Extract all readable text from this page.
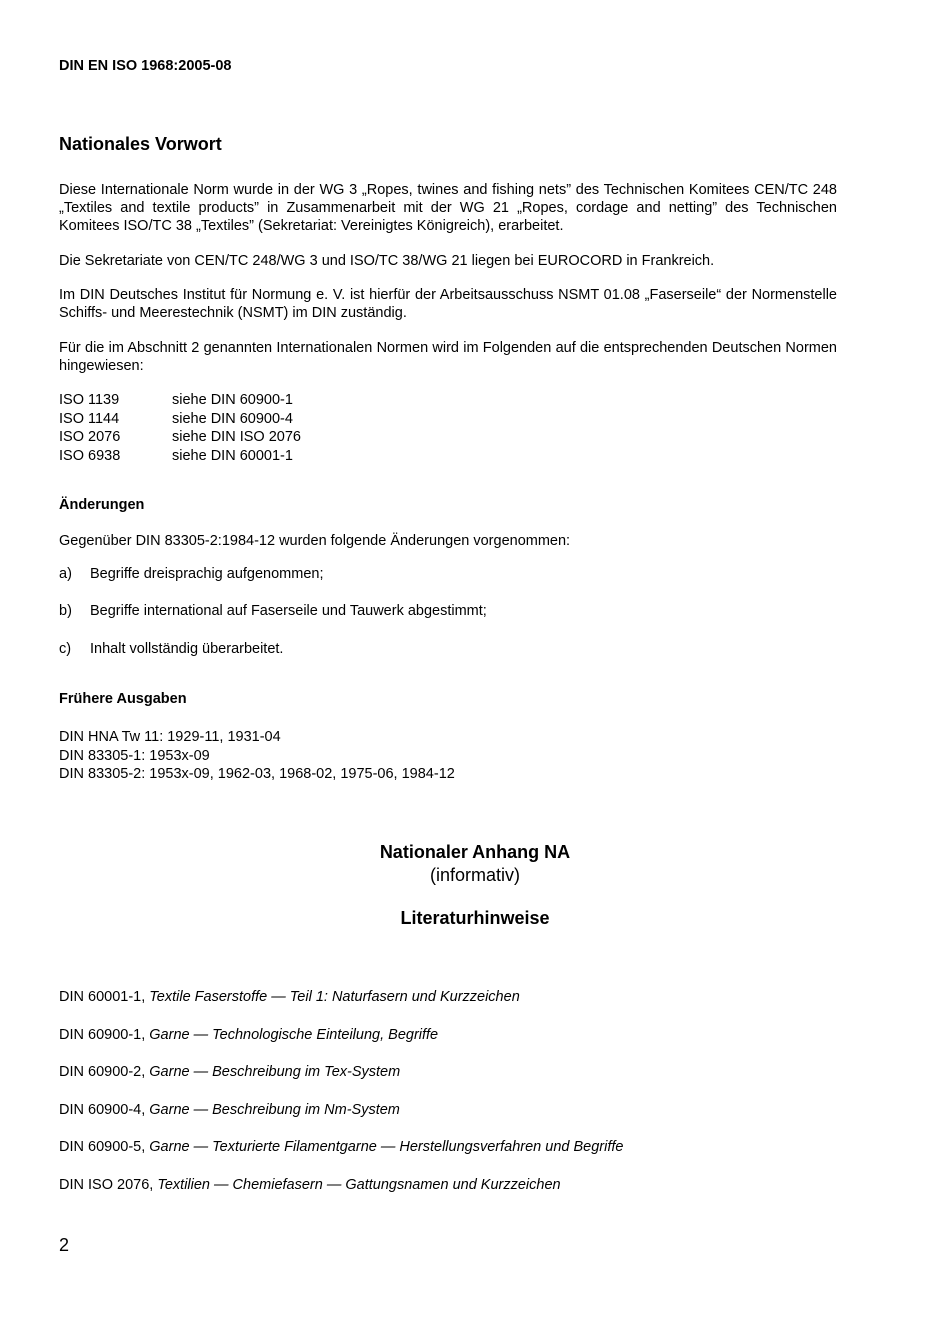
DIN EN ISO 1968:2005-08
Nationales Vorwort
Diese Internationale Norm wurde in der WG 3 „Ropes, twines and fishing nets” des Technischen Komitees CEN/TC 248 „Textiles and textile products” in Zusammenarbeit mit der WG 21 „Ropes, cordage and netting” des Technischen Komitees ISO/TC 38 „Textiles” (Sekretariat: Vereinigtes Königreich), erarbeitet.
Die Sekretariate von CEN/TC 248/WG 3 und ISO/TC 38/WG 21 liegen bei EUROCORD in Frankreich.
Im DIN Deutsches Institut für Normung e. V. ist hierfür der Arbeitsausschuss NSMT 01.08 „Faserseile“ der Normenstelle Schiffs- und Meerestechnik (NSMT) im DIN zuständig.
Für die im Abschnitt 2 genannten Internationalen Normen wird im Folgenden auf die entsprechenden Deutschen Normen hingewiesen:
ISO 1139	siehe DIN 60900-1
ISO 1144	siehe DIN 60900-4
ISO 2076	siehe DIN ISO 2076
ISO 6938	siehe DIN 60001-1
Änderungen
Gegenüber DIN 83305-2:1984-12 wurden folgende Änderungen vorgenommen:
a)	Begriffe dreisprachig aufgenommen;
b)	Begriffe international auf Faserseile und Tauwerk abgestimmt;
c)	Inhalt vollständig überarbeitet.
Frühere Ausgaben
DIN HNA Tw 11: 1929-11, 1931-04
DIN 83305-1: 1953x-09
DIN 83305-2: 1953x-09, 1962-03, 1968-02, 1975-06, 1984-12
Nationaler Anhang NA
(informativ)
Literaturhinweise
DIN 60001-1, Textile Faserstoffe — Teil 1: Naturfasern und Kurzzeichen
DIN 60900-1, Garne — Technologische Einteilung, Begriffe
DIN 60900-2, Garne — Beschreibung im Tex-System
DIN 60900-4, Garne — Beschreibung im Nm-System
DIN 60900-5, Garne — Texturierte Filamentgarne — Herstellungsverfahren und Begriffe
DIN ISO 2076, Textilien — Chemiefasern — Gattungsnamen und Kurzzeichen
2
